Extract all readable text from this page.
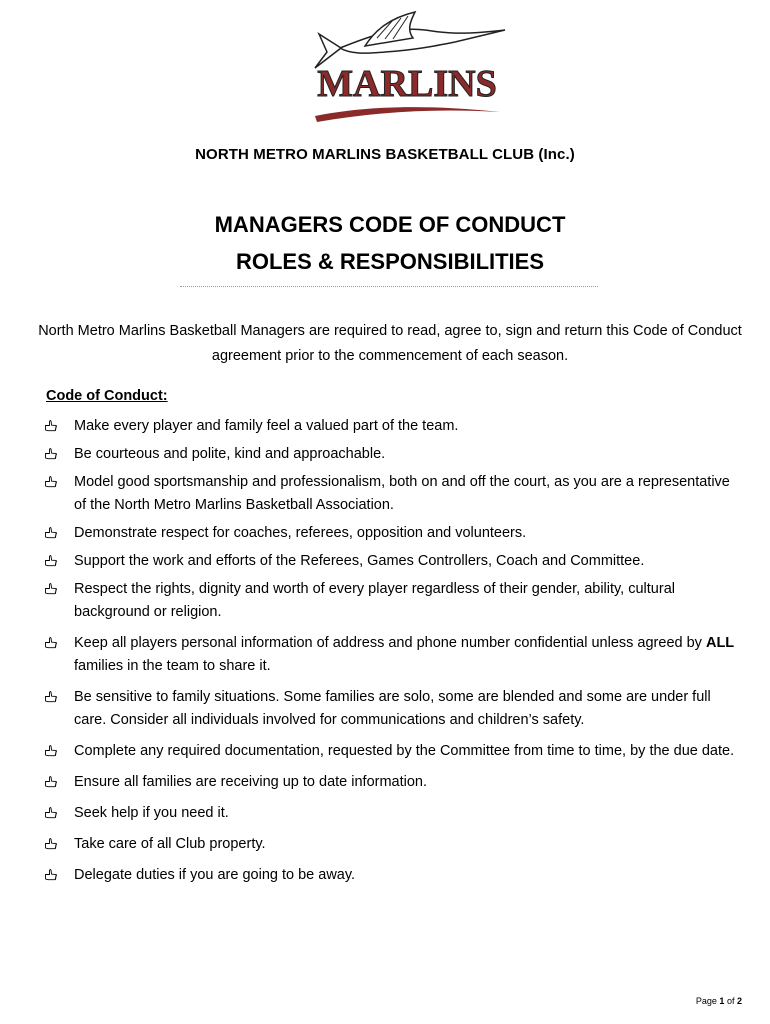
MARLINS
NORTH METRO MARLINS BASKETBALL CLUB (Inc.)
MANAGERS CODE OF CONDUCT
ROLES & RESPONSIBILITIES
North Metro Marlins Basketball Managers are required to read, agree to, sign and return this Code of Conduct agreement prior to the commencement of each season.
Code of Conduct:
Make every player and family feel a valued part of the team.
Be courteous and polite, kind and approachable.
Model good sportsmanship and professionalism, both on and off the court, as you are a representative of the North Metro Marlins Basketball Association.
Demonstrate respect for coaches, referees, opposition and volunteers.
Support the work and efforts of the Referees, Games Controllers, Coach and Committee.
Respect the rights, dignity and worth of every player regardless of their gender, ability, cultural background or religion.
Keep all players personal information of address and phone number confidential unless agreed by ALL families in the team to share it.
Be sensitive to family situations. Some families are solo, some are blended and some are under full care. Consider all individuals involved for communications and children’s safety.
Complete any required documentation, requested by the Committee from time to time, by the due date.
Ensure all families are receiving up to date information.
Seek help if you need it.
Take care of all Club property.
Delegate duties if you are going to be away.
Page 1 of 2
